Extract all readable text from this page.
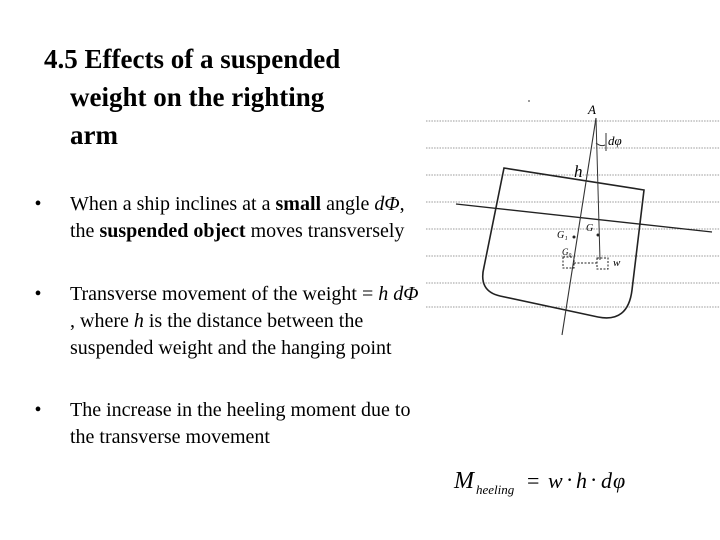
4.5 Effects of a suspended
weight on the righting
arm
•	When a ship inclines at a small angle dΦ, the suspended object moves transversely
•	Transverse movement of the weight = h dΦ , where h is the distance between the suspended weight and the hanging point
•	The increase in the heeling moment due to the transverse movement
A
dφ
h
G
G₁
G₀
w
M heeling = w · h · d φ
